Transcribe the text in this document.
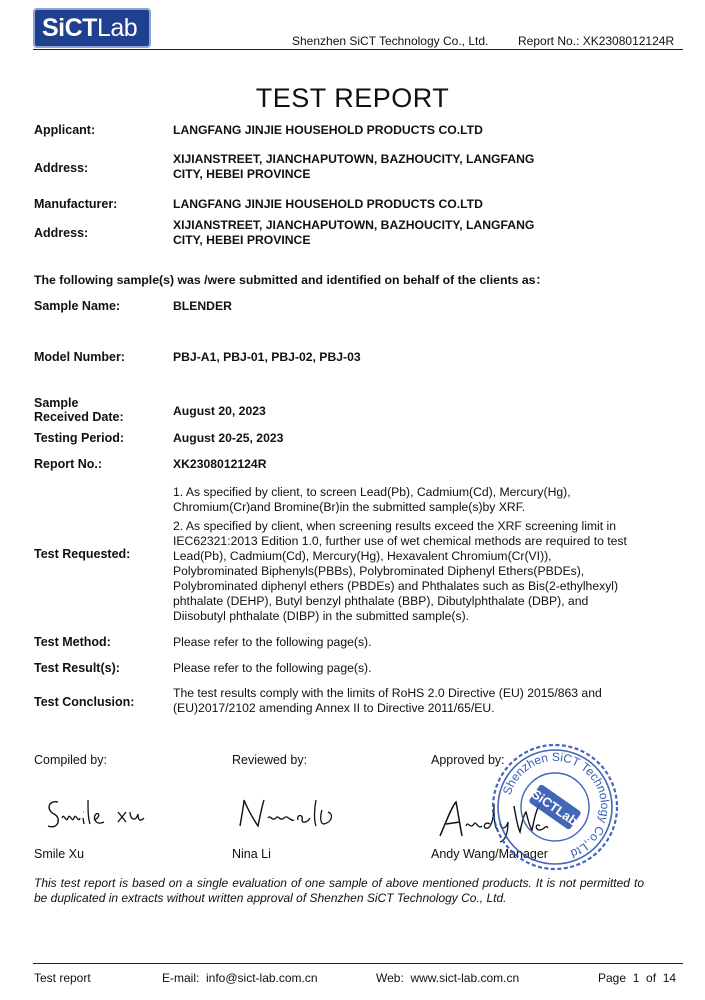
SiCTLab	Shenzhen SiCT Technology Co., Ltd. Report No.: XK2308012124R
TEST REPORT
Applicant:	LANGFANG JINJIE HOUSEHOLD PRODUCTS CO.LTD
Address:
XIJIANSTREET, JIANCHAPUTOWN, BAZHOUCITY, LANGFANG
CITY, HEBEI PROVINCE
Manufacturer:	LANGFANG JINJIE HOUSEHOLD PRODUCTS CO.LTD
Address:
XIJIANSTREET, JIANCHAPUTOWN, BAZHOUCITY, LANGFANG
CITY, HEBEI PROVINCE
The following sample(s) was /were submitted and identified on behalf of the clients as：
Sample Name:	BLENDER
Model Number:	PBJ-A1, PBJ-01, PBJ-02, PBJ-03
Sample
Received Date:	August 20, 2023
Testing Period:	August 20-25, 2023
Report No.:	XK2308012124R
Test Requested:
1. As specified by client, to screen Lead(Pb), Cadmium(Cd), Mercury(Hg),
Chromium(Cr)and Bromine(Br)in the submitted sample(s)by XRF.
2. As specified by client, when screening results exceed the XRF screening limit in
IEC62321:2013 Edition 1.0, further use of wet chemical methods are required to test
Lead(Pb), Cadmium(Cd), Mercury(Hg), Hexavalent Chromium(Cr(VI)),
Polybrominated Biphenyls(PBBs), Polybrominated Diphenyl Ethers(PBDEs),
Polybrominated diphenyl ethers (PBDEs) and Phthalates such as Bis(2-ethylhexyl)
phthalate (DEHP), Butyl benzyl phthalate (BBP), Dibutylphthalate (DBP), and
Diisobutyl phthalate (DIBP) in the submitted sample(s).
Test Method:	Please refer to the following page(s).
Test Result(s):	Please refer to the following page(s).
Test Conclusion:
The test results comply with the limits of RoHS 2.0 Directive (EU) 2015/863 and
(EU)2017/2102 amending Annex II to Directive 2011/65/EU.
Compiled by:	Reviewed by:	Approved by:
Smile Xu	Nina Li	Andy Wang/Manager
Shenzhen SiCT Technology Co.,Ltd
SiCTLab
This test report is based on a single evaluation of one sample of above mentioned products. It is not permitted to be duplicated in extracts without written approval of Shenzhen SiCT Technology Co., Ltd.
Test report	E-mail:  info@sict-lab.com.cn	Web:  www.sict-lab.com.cn	Page  1  of  14
